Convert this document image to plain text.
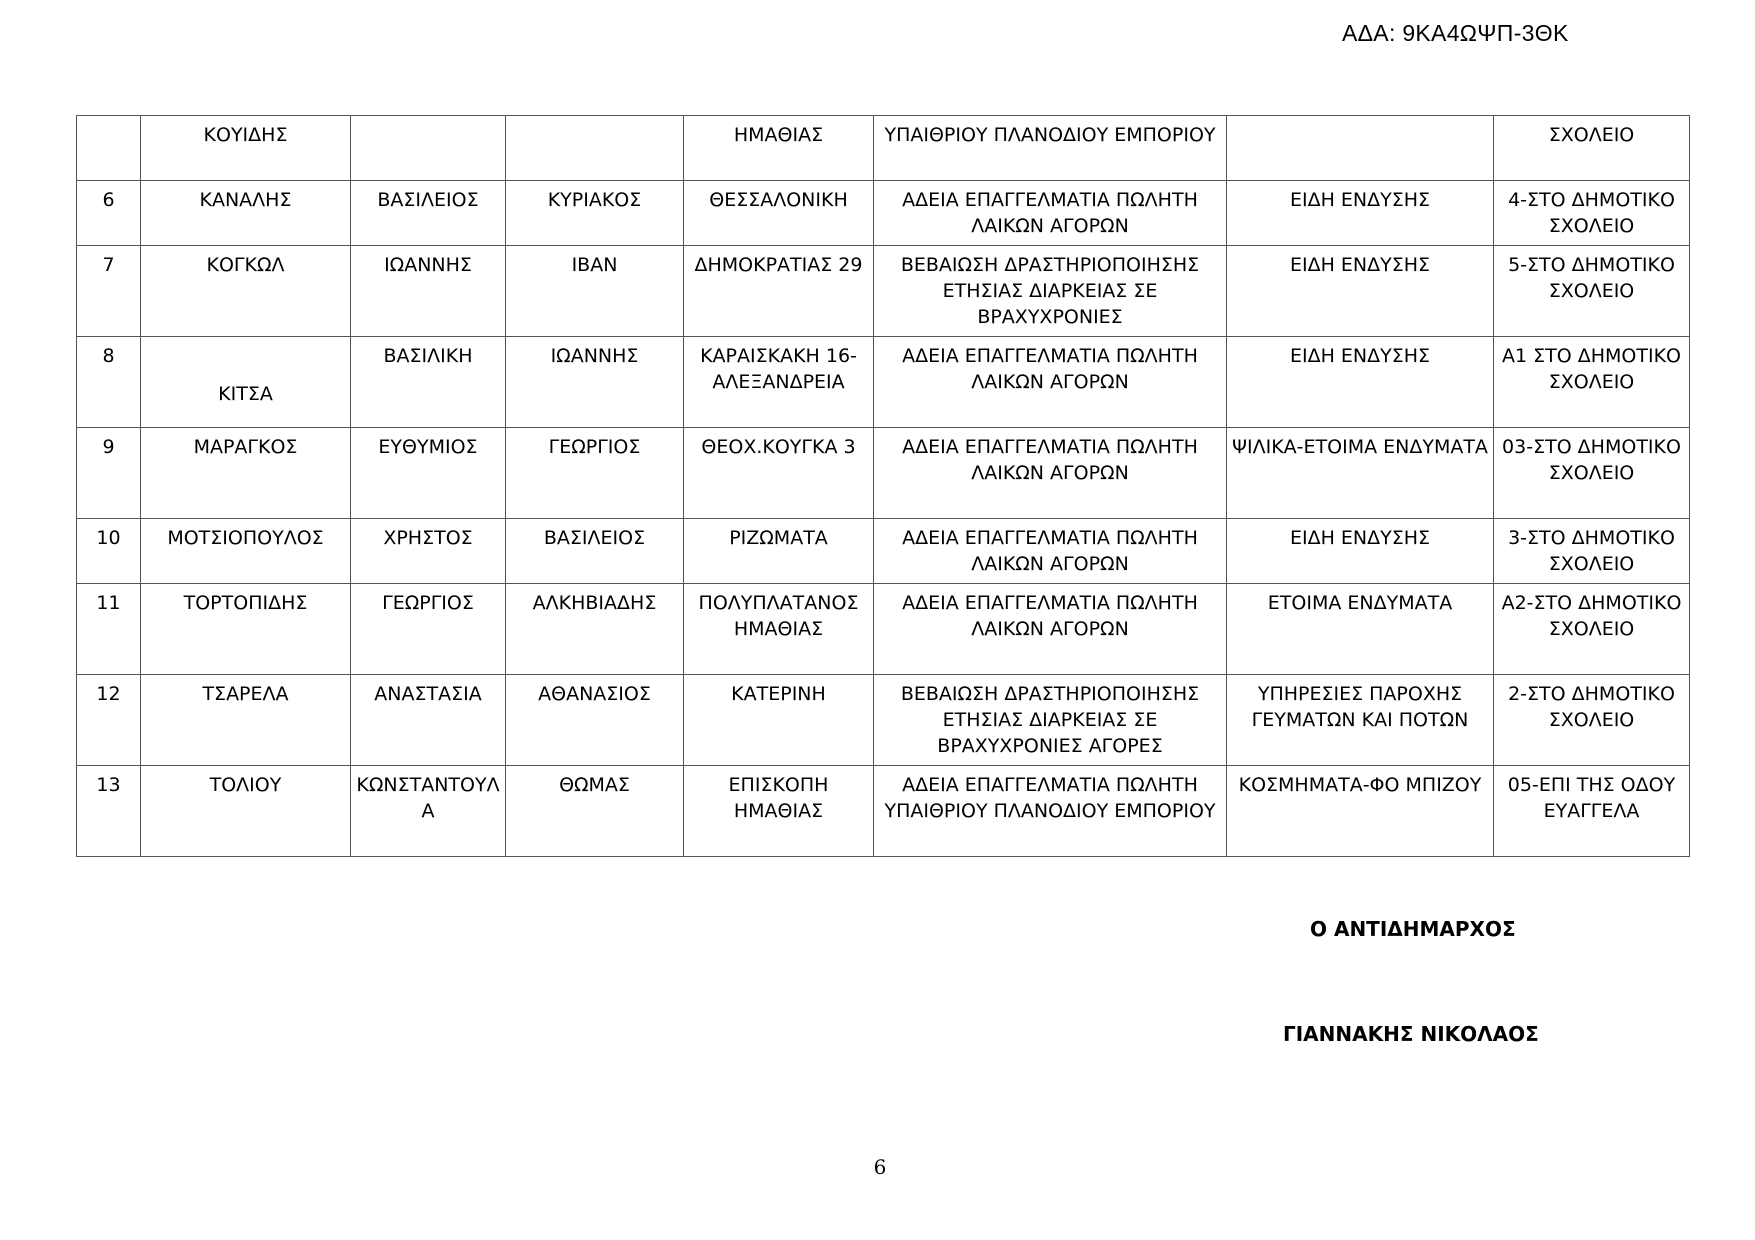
ΑΔΑ: 9ΚΑ4ΩΨΠ-3ΘΚ
	ΚΟΥΙΔΗΣ			ΗΜΑΘΙΑΣ	ΥΠΑΙΘΡΙΟΥ ΠΛΑΝΟΔΙΟΥ ΕΜΠΟΡΙΟΥ		ΣΧΟΛΕΙΟ
6	ΚΑΝΑΛΗΣ	ΒΑΣΙΛΕΙΟΣ	ΚΥΡΙΑΚΟΣ	ΘΕΣΣΑΛΟΝΙΚΗ	ΑΔΕΙΑ ΕΠΑΓΓΕΛΜΑΤΙΑ ΠΩΛΗΤΗ ΛΑΙΚΩΝ ΑΓΟΡΩΝ	ΕΙΔΗ ΕΝΔΥΣΗΣ	4-ΣΤΟ ΔΗΜΟΤΙΚΟ ΣΧΟΛΕΙΟ
7	ΚΟΓΚΩΛ	ΙΩΑΝΝΗΣ	ΙΒΑΝ	ΔΗΜΟΚΡΑΤΙΑΣ 29	ΒΕΒΑΙΩΣΗ ΔΡΑΣΤΗΡΙΟΠΟΙΗΣΗΣ ΕΤΗΣΙΑΣ ΔΙΑΡΚΕΙΑΣ ΣΕ ΒΡΑΧΥΧΡΟΝΙΕΣ	ΕΙΔΗ ΕΝΔΥΣΗΣ	5-ΣΤΟ ΔΗΜΟΤΙΚΟ ΣΧΟΛΕΙΟ
8	ΚΙΤΣΑ	ΒΑΣΙΛΙΚΗ	ΙΩΑΝΝΗΣ	ΚΑΡΑΙΣΚΑΚΗ 16-ΑΛΕΞΑΝΔΡΕΙΑ	ΑΔΕΙΑ ΕΠΑΓΓΕΛΜΑΤΙΑ ΠΩΛΗΤΗ ΛΑΙΚΩΝ ΑΓΟΡΩΝ	ΕΙΔΗ ΕΝΔΥΣΗΣ	Α1 ΣΤΟ ΔΗΜΟΤΙΚΟ ΣΧΟΛΕΙΟ
9	ΜΑΡΑΓΚΟΣ	ΕΥΘΥΜΙΟΣ	ΓΕΩΡΓΙΟΣ	ΘΕΟΧ.ΚΟΥΓΚΑ 3	ΑΔΕΙΑ ΕΠΑΓΓΕΛΜΑΤΙΑ ΠΩΛΗΤΗ ΛΑΙΚΩΝ ΑΓΟΡΩΝ	ΨΙΛΙΚΑ-ΕΤΟΙΜΑ ΕΝΔΥΜΑΤΑ	03-ΣΤΟ ΔΗΜΟΤΙΚΟ ΣΧΟΛΕΙΟ
10	ΜΟΤΣΙΟΠΟΥΛΟΣ	ΧΡΗΣΤΟΣ	ΒΑΣΙΛΕΙΟΣ	ΡΙΖΩΜΑΤΑ	ΑΔΕΙΑ ΕΠΑΓΓΕΛΜΑΤΙΑ ΠΩΛΗΤΗ ΛΑΙΚΩΝ ΑΓΟΡΩΝ	ΕΙΔΗ ΕΝΔΥΣΗΣ	3-ΣΤΟ ΔΗΜΟΤΙΚΟ ΣΧΟΛΕΙΟ
11	ΤΟΡΤΟΠΙΔΗΣ	ΓΕΩΡΓΙΟΣ	ΑΛΚΗΒΙΑΔΗΣ	ΠΟΛΥΠΛΑΤΑΝΟΣ ΗΜΑΘΙΑΣ	ΑΔΕΙΑ ΕΠΑΓΓΕΛΜΑΤΙΑ ΠΩΛΗΤΗ ΛΑΙΚΩΝ ΑΓΟΡΩΝ	ΕΤΟΙΜΑ ΕΝΔΥΜΑΤΑ	Α2-ΣΤΟ ΔΗΜΟΤΙΚΟ ΣΧΟΛΕΙΟ
12	ΤΣΑΡΕΛΑ	ΑΝΑΣΤΑΣΙΑ	ΑΘΑΝΑΣΙΟΣ	ΚΑΤΕΡΙΝΗ	ΒΕΒΑΙΩΣΗ ΔΡΑΣΤΗΡΙΟΠΟΙΗΣΗΣ ΕΤΗΣΙΑΣ ΔΙΑΡΚΕΙΑΣ ΣΕ ΒΡΑΧΥΧΡΟΝΙΕΣ ΑΓΟΡΕΣ	ΥΠΗΡΕΣΙΕΣ ΠΑΡΟΧΗΣ ΓΕΥΜΑΤΩΝ ΚΑΙ ΠΟΤΩΝ	2-ΣΤΟ ΔΗΜΟΤΙΚΟ ΣΧΟΛΕΙΟ
13	ΤΟΛΙΟΥ	ΚΩΝΣΤΑΝΤΟΥΛΑ	ΘΩΜΑΣ	ΕΠΙΣΚΟΠΗ ΗΜΑΘΙΑΣ	ΑΔΕΙΑ ΕΠΑΓΓΕΛΜΑΤΙΑ ΠΩΛΗΤΗ ΥΠΑΙΘΡΙΟΥ ΠΛΑΝΟΔΙΟΥ ΕΜΠΟΡΙΟΥ	ΚΟΣΜΗΜΑΤΑ-ΦΟ ΜΠΙΖΟΥ	05-ΕΠΙ ΤΗΣ ΟΔΟΥ ΕΥΑΓΓΕΛΑ
Ο ΑΝΤΙΔΗΜΑΡΧΟΣ
ΓΙΑΝΝΑΚΗΣ ΝΙΚΟΛΑΟΣ
6
